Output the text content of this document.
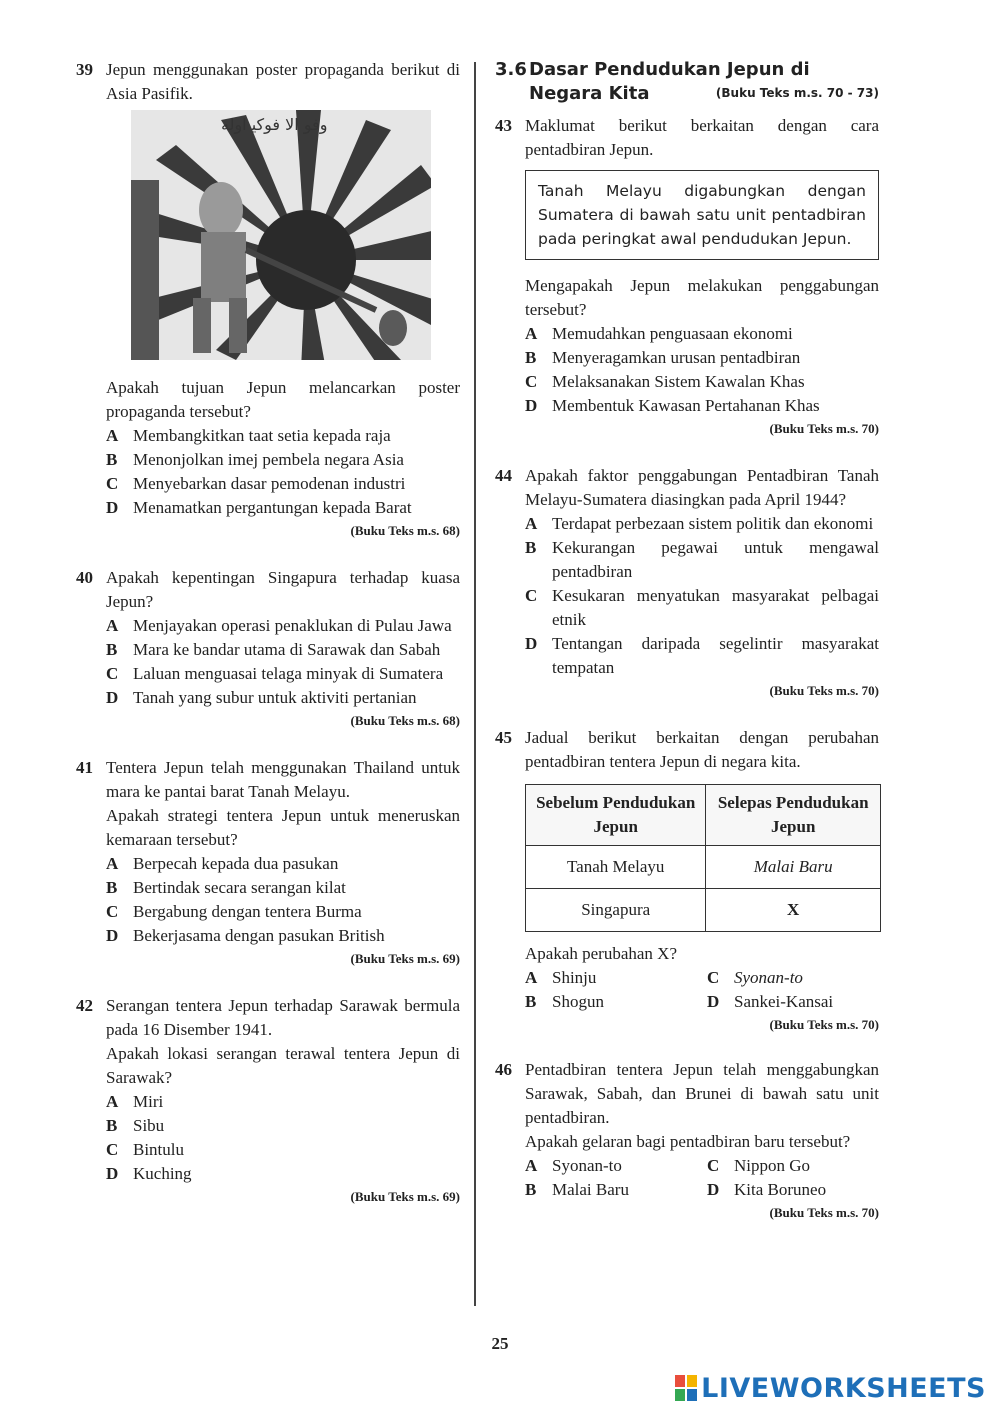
39 Jepun menggunakan poster propaganda berikut di Asia Pasifik.

ﻭﻓﻮ ﺍﻟﺎ ﻓﻮﻛﻴ ﺍﻭﻟﻪ

Apakah tujuan Jepun melancarkan poster propaganda tersebut?

A Membangkitkan taat setia kepada raja
B Menonjolkan imej pembela negara Asia
C Menyebarkan dasar pemodenan industri
D Menamatkan pergantungan kepada Barat
(Buku Teks m.s. 68)
40 Apakah kepentingan Singapura terhadap kuasa Jepun?

A Menjayakan operasi penaklukan di Pulau Jawa
B Mara ke bandar utama di Sarawak dan Sabah
C Laluan menguasai telaga minyak di Sumatera
D Tanah yang subur untuk aktiviti pertanian
(Buku Teks m.s. 68)
41 Tentera Jepun telah menggunakan Thailand untuk mara ke pantai barat Tanah Melayu.

Apakah strategi tentera Jepun untuk meneruskan kemaraan tersebut?

A Berpecah kepada dua pasukan
B Bertindak secara serangan kilat
C Bergabung dengan tentera Burma
D Bekerjasama dengan pasukan British
(Buku Teks m.s. 69)
42 Serangan tentera Jepun terhadap Sarawak bermula pada 16 Disember 1941.

Apakah lokasi serangan terawal tentera Jepun di Sarawak?

A Miri
B Sibu
C Bintulu
D Kuching
(Buku Teks m.s. 69)
3.6 Dasar Pendudukan Jepun di Negara Kita	(Buku Teks m.s. 70 - 73)
43 Maklumat berikut berkaitan dengan cara pentadbiran Jepun.

Tanah Melayu digabungkan dengan Sumatera di bawah satu unit pentadbiran pada peringkat awal pendudukan Jepun.

Mengapakah Jepun melakukan penggabungan tersebut?

A Memudahkan penguasaan ekonomi
B Menyeragamkan urusan pentadbiran
C Melaksanakan Sistem Kawalan Khas
D Membentuk Kawasan Pertahanan Khas
(Buku Teks m.s. 70)
44 Apakah faktor penggabungan Pentadbiran Tanah Melayu-Sumatera diasingkan pada April 1944?

A Terdapat perbezaan sistem politik dan ekonomi
B Kekurangan pegawai untuk mengawal pentadbiran
C Kesukaran menyatukan masyarakat pelbagai etnik
D Tentangan daripada segelintir masyarakat tempatan
(Buku Teks m.s. 70)
45 Jadual berikut berkaitan dengan perubahan pentadbiran tentera Jepun di negara kita.

Sebelum Pendudukan Jepun	Selepas Pendudukan Jepun
Tanah Melayu	Malai Baru
Singapura	X

Apakah perubahan X?

A Shinju	C Syonan-to
B Shogun	D Sankei-Kansai
(Buku Teks m.s. 70)
46 Pentadbiran tentera Jepun telah menggabungkan Sarawak, Sabah, dan Brunei di bawah satu unit pentadbiran.

Apakah gelaran bagi pentadbiran baru tersebut?

A Syonan-to	C Nippon Go
B Malai Baru	D Kita Boruneo
(Buku Teks m.s. 70)
25
LIVEWORKSHEETS
